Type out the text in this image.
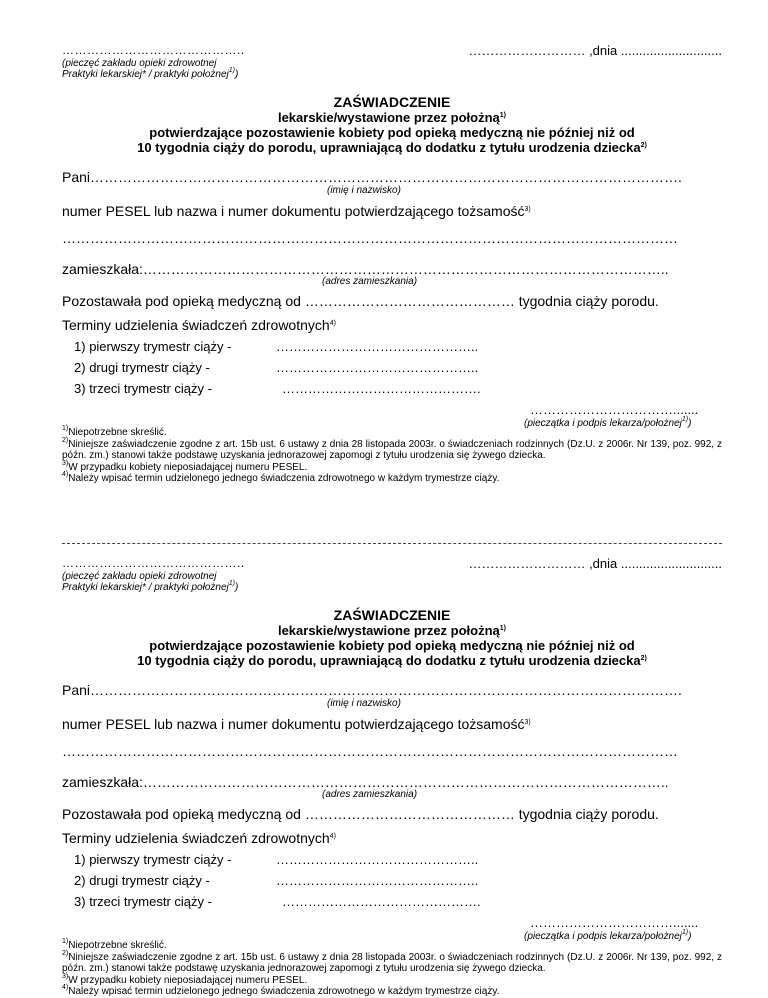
……………………………………..	……………………… ,dnia ............................
(pieczęć zakładu opieki zdrowotnej
Praktyki lekarskiej* / praktyki położnej$^{1)}$)
ZAŚWIADCZENIE
lekarskie/wystawione przez położną$^{1)}$
potwierdzające pozostawienie kobiety pod opieką medyczną nie później niż od
10 tygodnia ciąży do porodu, uprawniającą do dodatku z tytułu urodzenia dziecka$^{2)}$
Pani……………………………………………………………………………………………………………….
(imię i nazwisko)
numer PESEL lub nazwa i numer dokumentu potwierdzającego tożsamość$^{3)}$
……………………………………………………………………………………………………………………
zamieszkała:…………………………………………………………………………………………………..
(adres zamieszkania)
Pozostawała pod opieką medyczną od ……………………………………… tygodnia ciąży porodu.
Terminy udzielenia świadczeń zdrowotnych$^{4)}$
1) pierwszy trymestr ciąży -	………………………………………..
2) drugi trymestr ciąży -	………………………………………..
3) trzeci trymestr ciąży -	……………………………………….
…………………………….......
(pieczątka i podpis lekarza/położnej$^{1)}$)
$^{1)}$Niepotrzebne skreślić.
$^{2)}$Niniejsze zaświadczenie zgodne z art. 15b ust. 6 ustawy z dnia 28 listopada 2003r. o świadczeniach rodzinnych (Dz.U. z 2006r. Nr 139, poz. 992, z późn. zm.) stanowi także podstawę uzyskania jednorazowej zapomogi z tytułu urodzenia się żywego dziecka.
$^{3)}$W przypadku kobiety nieposiadającej numeru PESEL.
$^{4)}$Należy wpisać termin udzielonego jednego świadczenia zdrowotnego w każdym trymestrze ciąży.
……………………………………..	……………………… ,dnia ............................
(pieczęć zakładu opieki zdrowotnej
Praktyki lekarskiej* / praktyki położnej$^{1)}$)
ZAŚWIADCZENIE
lekarskie/wystawione przez położną$^{1)}$
potwierdzające pozostawienie kobiety pod opieką medyczną nie później niż od
10 tygodnia ciąży do porodu, uprawniającą do dodatku z tytułu urodzenia dziecka$^{2)}$
Pani……………………………………………………………………………………………………………….
(imię i nazwisko)
numer PESEL lub nazwa i numer dokumentu potwierdzającego tożsamość$^{3)}$
……………………………………………………………………………………………………………………
zamieszkała:…………………………………………………………………………………………………..
(adres zamieszkania)
Pozostawała pod opieką medyczną od ……………………………………… tygodnia ciąży porodu.
Terminy udzielenia świadczeń zdrowotnych$^{4)}$
1) pierwszy trymestr ciąży -	………………………………………..
2) drugi trymestr ciąży -	………………………………………..
3) trzeci trymestr ciąży -	……………………………………….
…………………………….......
(pieczątka i podpis lekarza/położnej$^{1)}$)
$^{1)}$Niepotrzebne skreślić.
$^{2)}$Niniejsze zaświadczenie zgodne z art. 15b ust. 6 ustawy z dnia 28 listopada 2003r. o świadczeniach rodzinnych (Dz.U. z 2006r. Nr 139, poz. 992, z późn. zm.) stanowi także podstawę uzyskania jednorazowej zapomogi z tytułu urodzenia się żywego dziecka.
$^{3)}$W przypadku kobiety nieposiadającej numeru PESEL.
$^{4)}$Należy wpisać termin udzielonego jednego świadczenia zdrowotnego w każdym trymestrze ciąży.
